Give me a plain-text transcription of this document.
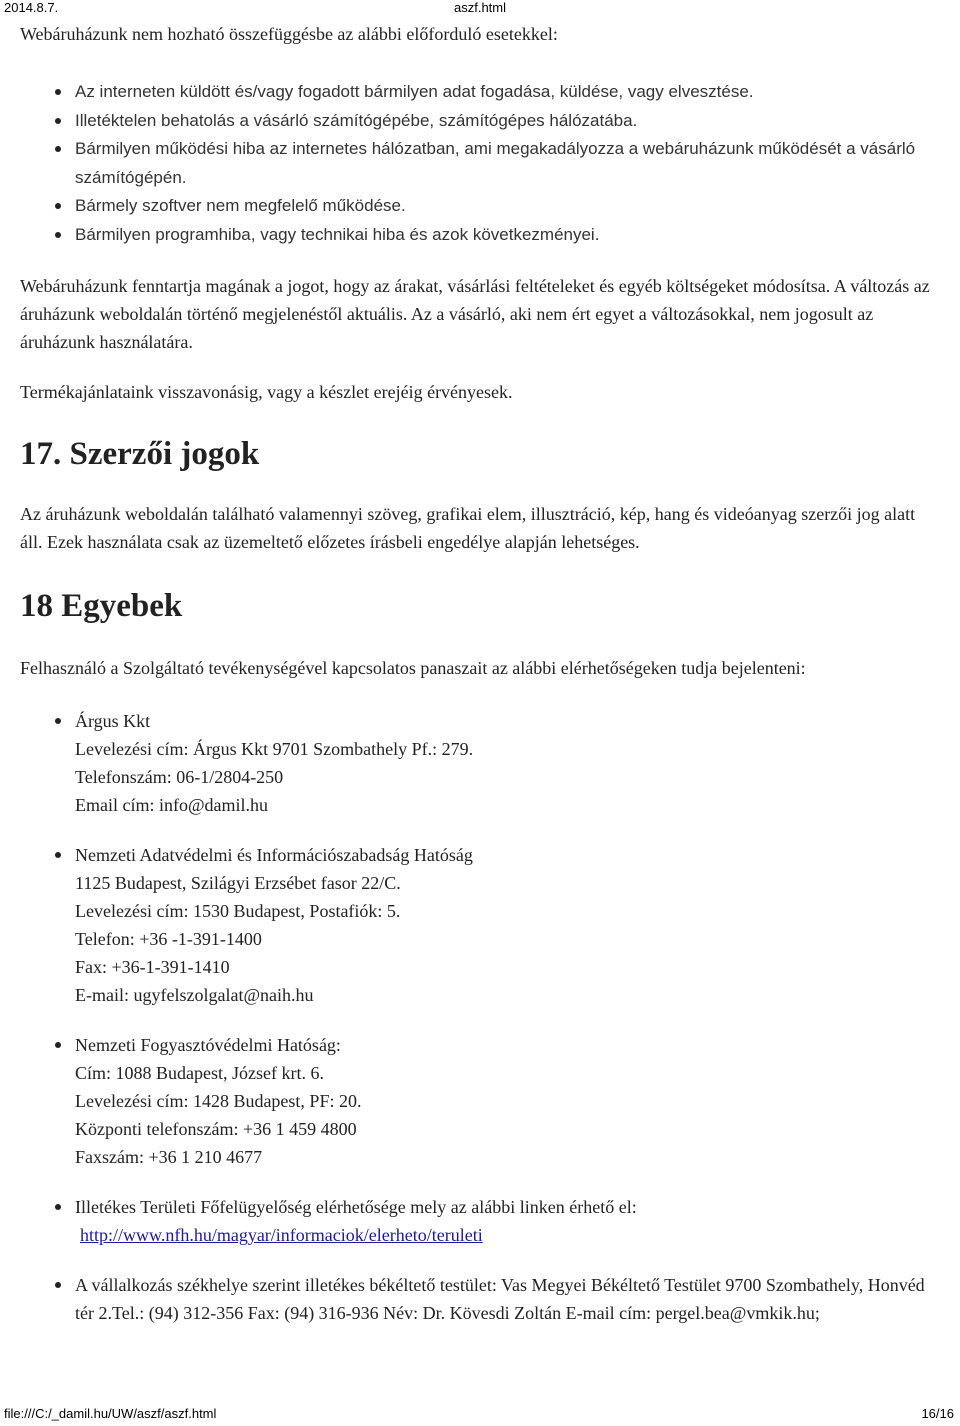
2014.8.7.	aszf.html

Webáruházunk nem hozható összefüggésbe az alábbi előforduló esetekkel:

Az interneten küldött és/vagy fogadott bármilyen adat fogadása, küldése, vagy elvesztése.
Illetéktelen behatolás a vásárló számítógépébe, számítógépes hálózatába.
Bármilyen működési hiba az internetes hálózatban, ami megakadályozza a webáruházunk működését a vásárló számítógépén.
Bármely szoftver nem megfelelő működése.
Bármilyen programhiba, vagy technikai hiba és azok következményei.

Webáruházunk fenntartja magának a jogot, hogy az árakat, vásárlási feltételeket és egyéb költségeket módosítsa. A változás az áruházunk weboldalán történő megjelenéstől aktuális. Az a vásárló, aki nem ért egyet a változásokkal, nem jogosult az áruházunk használatára.

Termékajánlataink visszavonásig, vagy a készlet erejéig érvényesek.

17. Szerzői jogok

Az áruházunk weboldalán található valamennyi szöveg, grafikai elem, illusztráció, kép, hang és videóanyag szerzői jog alatt áll. Ezek használata csak az üzemeltető előzetes írásbeli engedélye alapján lehetséges.

18 Egyebek

Felhasználó a Szolgáltató tevékenységével kapcsolatos panaszait az alábbi elérhetőségeken tudja bejelenteni:

Árgus Kkt
Levelezési cím: Árgus Kkt 9701 Szombathely Pf.: 279.
Telefonszám: 06-1/2804-250
Email cím: info@damil.hu
Nemzeti Adatvédelmi és Információszabadság Hatóság
1125 Budapest, Szilágyi Erzsébet fasor 22/C.
Levelezési cím: 1530 Budapest, Postafiók: 5.
Telefon: +36 -1-391-1400
Fax: +36-1-391-1410
E-mail: ugyfelszolgalat@naih.hu
Nemzeti Fogyasztóvédelmi Hatóság:
Cím: 1088 Budapest, József krt. 6.
Levelezési cím: 1428 Budapest, PF: 20.
Központi telefonszám: +36 1 459 4800
Faxszám: +36 1 210 4677
Illetékes Területi Főfelügyelőség elérhetősége mely az alábbi linken érhető el:
http://www.nfh.hu/magyar/informaciok/elerheto/teruleti
A vállalkozás székhelye szerint illetékes békéltető testület: Vas Megyei Békéltető Testület 9700 Szombathely, Honvéd tér 2.Tel.: (94) 312-356 Fax: (94) 316-936 Név: Dr. Kövesdi Zoltán E-mail cím: pergel.bea@vmkik.hu;
file:///C:/_damil.hu/UW/aszf/aszf.html	16/16
